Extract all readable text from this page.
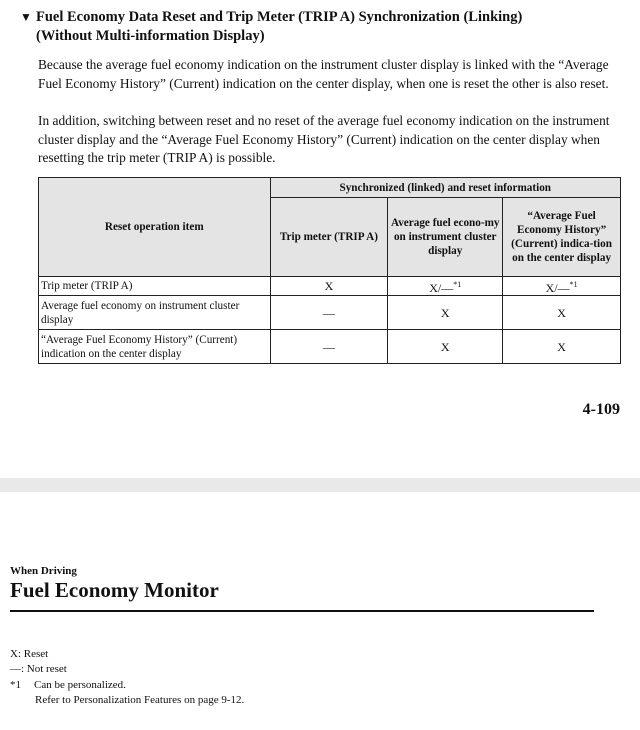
▼ Fuel Economy Data Reset and Trip Meter (TRIP A) Synchronization (Linking)
(Without Multi-information Display)
Because the average fuel economy indication on the instrument cluster display is linked with the “Average Fuel Economy History” (Current) indication on the center display, when one is reset the other is also reset.
In addition, switching between reset and no reset of the average fuel economy indication on the instrument cluster display and the “Average Fuel Economy History” (Current) indication on the center display when resetting the trip meter (TRIP A) is possible.
Reset operation item	Synchronized (linked) and reset information		
	Trip meter (TRIP A)	Average fuel econo-my on instrument cluster display	“Average Fuel Economy History” (Current) indica-tion on the center display
Trip meter (TRIP A)	X	X/—$^{*1}$	X/—$^{*1}$
Average fuel economy on instrument cluster display	—	X	X
“Average Fuel Economy History” (Current) indication on the center display	—	X	X
4-109
When Driving
Fuel Economy Monitor
X: Reset
—: Not reset
*1 Can be personalized.
Refer to Personalization Features on page 9-12.
